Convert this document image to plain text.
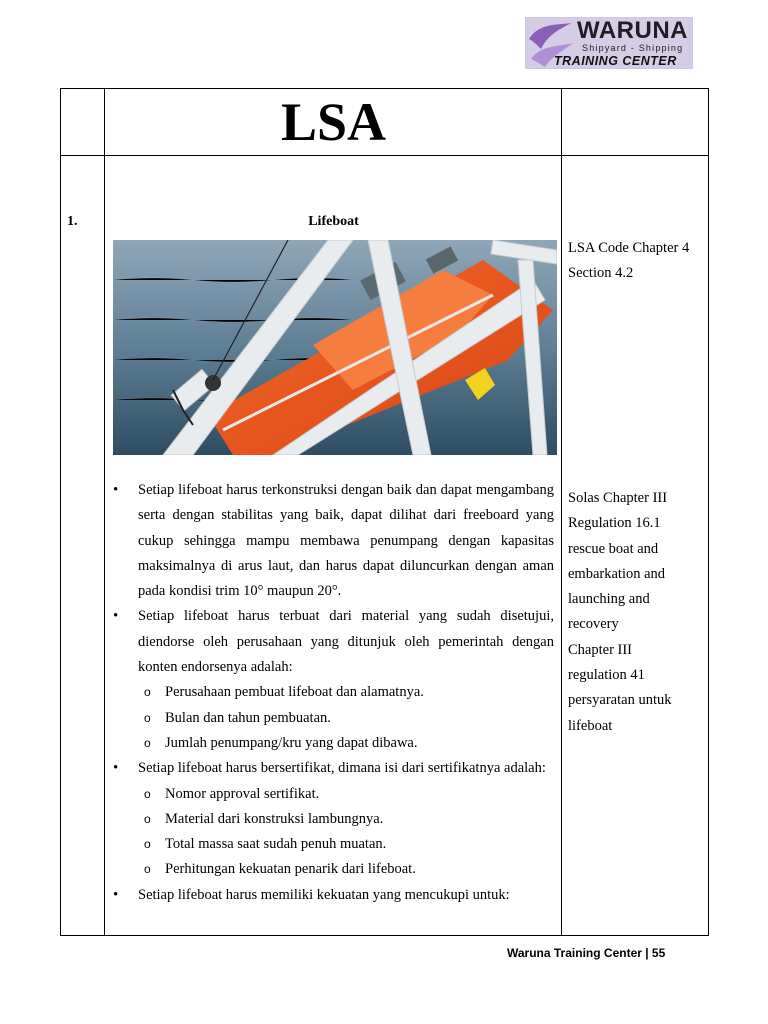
WARUNA
Shipyard - Shipping
TRAINING CENTER
LSA
1.	Lifeboat
LSA Code Chapter 4
Section 4.2
Solas Chapter III
Regulation 16.1
rescue boat and
embarkation and
launching and
recovery
Chapter III
regulation 41
persyaratan untuk
lifeboat
• Setiap lifeboat harus terkonstruksi dengan baik dan dapat mengambang serta dengan stabilitas yang baik, dapat dilihat dari freeboard yang cukup sehingga mampu membawa penumpang dengan kapasitas maksimalnya di arus laut, dan harus dapat diluncurkan dengan aman pada kondisi trim 10° maupun 20°.
• Setiap lifeboat harus terbuat dari material yang sudah disetujui, diendorse oleh perusahaan yang ditunjuk oleh pemerintah dengan konten endorsenya adalah:
o Perusahaan pembuat lifeboat dan alamatnya.
o Bulan dan tahun pembuatan.
o Jumlah penumpang/kru yang dapat dibawa.
• Setiap lifeboat harus bersertifikat, dimana isi dari sertifikatnya adalah:
o Nomor approval sertifikat.
o Material dari konstruksi lambungnya.
o Total massa saat sudah penuh muatan.
o Perhitungan kekuatan penarik dari lifeboat.
• Setiap lifeboat harus memiliki kekuatan yang mencukupi untuk:
Waruna Training Center | 55
